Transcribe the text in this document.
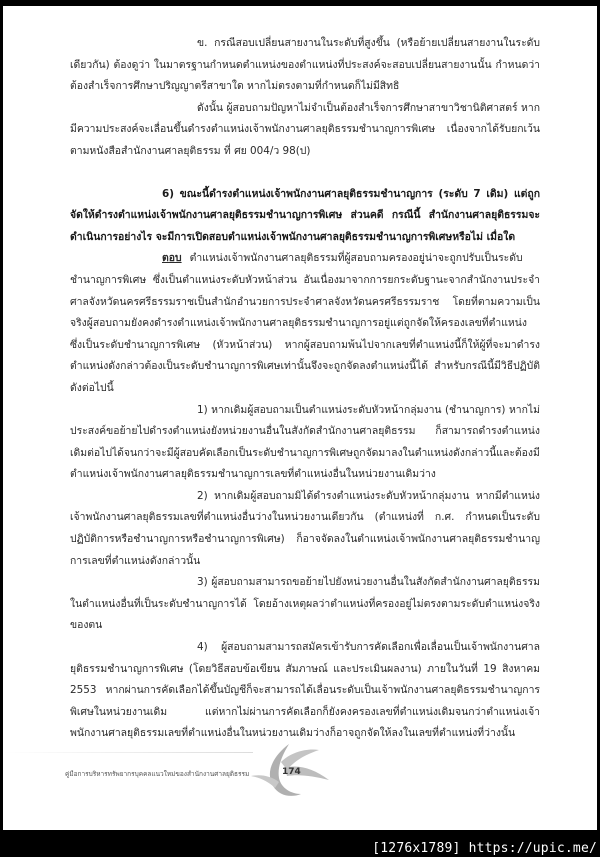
ข. กรณีสอบเปลี่ยนสายงานในระดับที่สูงขึ้น (หรือย้ายเปลี่ยนสายงานในระดับเดียวกัน) ต้องดูว่า ในมาตรฐานกำหนดตำแหน่งของตำแหน่งที่ประสงค์จะสอบเปลี่ยนสายงานนั้น กำหนดว่าต้องสำเร็จการศึกษาปริญญาตรีสาขาใด หากไม่ตรงตามที่กำหนดก็ไม่มีสิทธิ

ดังนั้น ผู้สอบถามปัญหาไม่จำเป็นต้องสำเร็จการศึกษาสาขาวิชานิติศาสตร์ หากมีความประสงค์จะเลื่อนขึ้นดำรงตำแหน่งเจ้าพนักงานศาลยุติธรรมชำนาญการพิเศษ เนื่องจากได้รับยกเว้นตามหนังสือสำนักงานศาลยุติธรรม ที่ ศย 004/ว 98(ป)

6) ขณะนี้ดำรงตำแหน่งเจ้าพนักงานศาลยุติธรรมชำนาญการ (ระดับ 7 เดิม) แต่ถูกจัดให้ดำรงตำแหน่งเจ้าพนักงานศาลยุติธรรมชำนาญการพิเศษ ส่วนคดี กรณีนี้ สำนักงานศาลยุติธรรมจะดำเนินการอย่างไร จะมีการเปิดสอบตำแหน่งเจ้าพนักงานศาลยุติธรรมชำนาญการพิเศษหรือไม่ เมื่อใด

ตอบ ตำแหน่งเจ้าพนักงานศาลยุติธรรมที่ผู้สอบถามครองอยู่น่าจะถูกปรับเป็นระดับชำนาญการพิเศษ ซึ่งเป็นตำแหน่งระดับหัวหน้าส่วน อันเนื่องมาจากการยกระดับฐานะจากสำนักงานประจำศาลจังหวัดนครศรีธรรมราชเป็นสำนักอำนวยการประจำศาลจังหวัดนครศรีธรรมราช โดยที่ตามความเป็นจริงผู้สอบถามยังคงดำรงตำแหน่งเจ้าพนักงานศาลยุติธรรมชำนาญการอยู่แต่ถูกจัดให้ครองเลขที่ตำแหน่ง ซึ่งเป็นระดับชำนาญการพิเศษ (หัวหน้าส่วน) หากผู้สอบถามพ้นไปจากเลขที่ตำแหน่งนี้ก็ให้ผู้ที่จะมาดำรงตำแหน่งดังกล่าวต้องเป็นระดับชำนาญการพิเศษเท่านั้นจึงจะถูกจัดลงตำแหน่งนี้ได้ สำหรับกรณีนี้มีวิธีปฏิบัติดังต่อไปนี้

1) หากเดิมผู้สอบถามเป็นตำแหน่งระดับหัวหน้ากลุ่มงาน (ชำนาญการ) หากไม่ประสงค์ขอย้ายไปดำรงตำแหน่งยังหน่วยงานอื่นในสังกัดสำนักงานศาลยุติธรรม ก็สามารถดำรงตำแหน่งเดิมต่อไปได้จนกว่าจะมีผู้สอบคัดเลือกเป็นระดับชำนาญการพิเศษถูกจัดมาลงในตำแหน่งดังกล่าวนี้และต้องมีตำแหน่งเจ้าพนักงานศาลยุติธรรมชำนาญการเลขที่ตำแหน่งอื่นในหน่วยงานเดิมว่าง

2) หากเดิมผู้สอบถามมิได้ดำรงตำแหน่งระดับหัวหน้ากลุ่มงาน หากมีตำแหน่งเจ้าพนักงานศาลยุติธรรมเลขที่ตำแหน่งอื่นว่างในหน่วยงานเดียวกัน (ตำแหน่งที่ ก.ศ. กำหนดเป็นระดับปฏิบัติการหรือชำนาญการหรือชำนาญการพิเศษ) ก็อาจจัดลงในตำแหน่งเจ้าพนักงานศาลยุติธรรมชำนาญการเลขที่ตำแหน่งดังกล่าวนั้น

3) ผู้สอบถามสามารถขอย้ายไปยังหน่วยงานอื่นในสังกัดสำนักงานศาลยุติธรรมในตำแหน่งอื่นที่เป็นระดับชำนาญการได้ โดยอ้างเหตุผลว่าตำแหน่งที่ครองอยู่ไม่ตรงตามระดับตำแหน่งจริงของตน

4) ผู้สอบถามสามารถสมัครเข้ารับการคัดเลือกเพื่อเลื่อนเป็นเจ้าพนักงานศาลยุติธรรมชำนาญการพิเศษ (โดยวิธีสอบข้อเขียน สัมภาษณ์ และประเมินผลงาน) ภายในวันที่ 19 สิงหาคม 2553 หากผ่านการคัดเลือกได้ขึ้นบัญชีก็จะสามารถได้เลื่อนระดับเป็นเจ้าพนักงานศาลยุติธรรมชำนาญการพิเศษในหน่วยงานเดิม แต่หากไม่ผ่านการคัดเลือกก็ยังคงครองเลขที่ตำแหน่งเดิมจนกว่าตำแหน่งเจ้าพนักงานศาลยุติธรรมเลขที่ตำแหน่งอื่นในหน่วยงานเดิมว่างก็อาจถูกจัดให้ลงในเลขที่ตำแหน่งที่ว่างนั้น

คู่มือการบริหารทรัพยากรบุคคลแนวใหม่ของสำนักงานศาลยุติธรรม	174
[1276x1789] https://upic.me/
